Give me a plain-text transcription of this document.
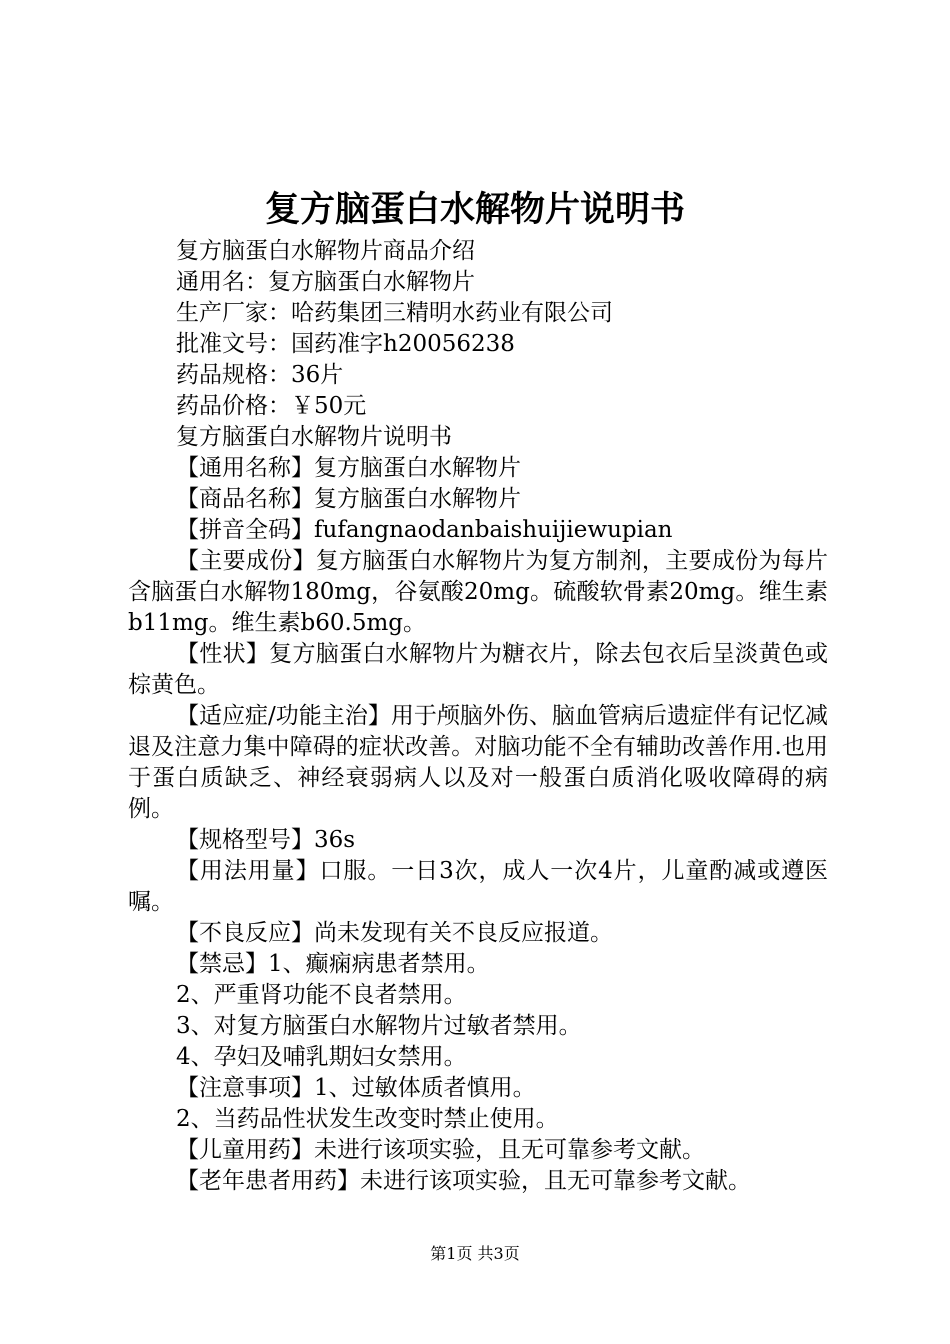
复方脑蛋白水解物片说明书

复方脑蛋白水解物片商品介绍

通用名：复方脑蛋白水解物片

生产厂家：哈药集团三精明水药业有限公司

批准文号：国药准字h20056238

药品规格：36片

药品价格：￥50元

复方脑蛋白水解物片说明书

【通用名称】复方脑蛋白水解物片

【商品名称】复方脑蛋白水解物片

【拼音全码】fufangnaodanbaishuijiewupian

【主要成份】复方脑蛋白水解物片为复方制剂，主要成份为每片含脑蛋白水解物180mg，谷氨酸20mg。硫酸软骨素20mg。维生素b11mg。维生素b60.5mg。

【性状】复方脑蛋白水解物片为糖衣片，除去包衣后呈淡黄色或棕黄色。

【适应症/功能主治】用于颅脑外伤、脑血管病后遗症伴有记忆减退及注意力集中障碍的症状改善。对脑功能不全有辅助改善作用.也用于蛋白质缺乏、神经衰弱病人以及对一般蛋白质消化吸收障碍的病例。

【规格型号】36s

【用法用量】口服。一日3次，成人一次4片，儿童酌减或遵医嘱。

【不良反应】尚未发现有关不良反应报道。

【禁忌】1、癫痫病患者禁用。

2、严重肾功能不良者禁用。

3、对复方脑蛋白水解物片过敏者禁用。

4、孕妇及哺乳期妇女禁用。

【注意事项】1、过敏体质者慎用。

2、当药品性状发生改变时禁止使用。

【儿童用药】未进行该项实验，且无可靠参考文献。

【老年患者用药】未进行该项实验，且无可靠参考文献。

第1页 共3页
